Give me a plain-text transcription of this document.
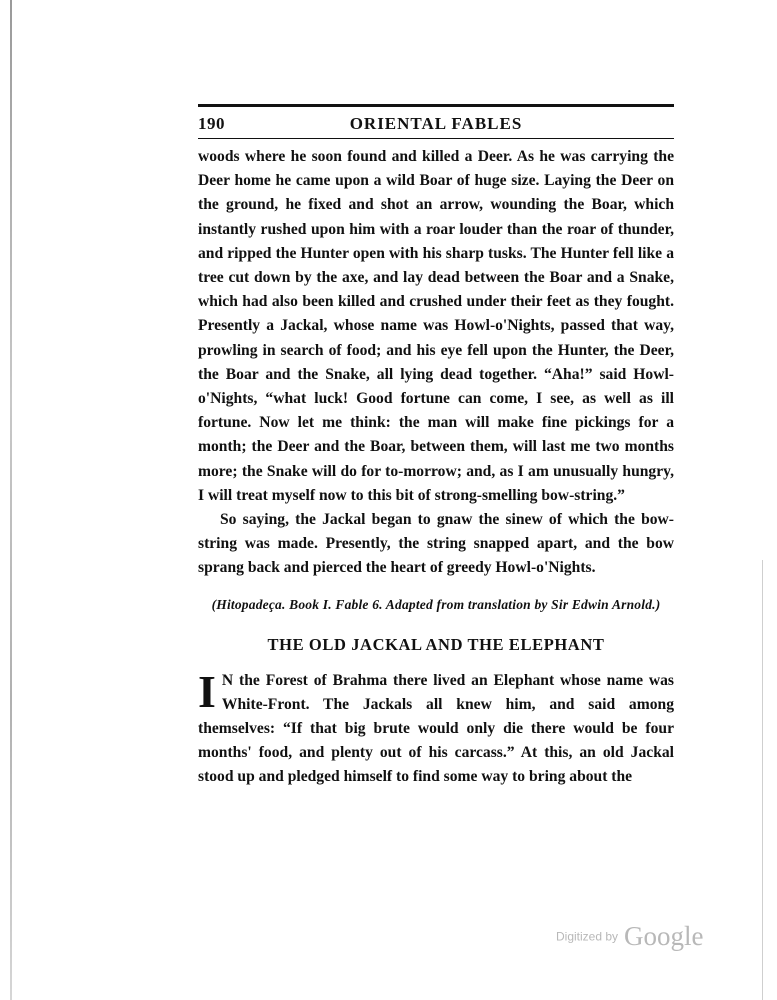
190	ORIENTAL FABLES

woods where he soon found and killed a Deer. As he was carrying the Deer home he came upon a wild Boar of huge size. Laying the Deer on the ground, he fixed and shot an arrow, wounding the Boar, which instantly rushed upon him with a roar louder than the roar of thunder, and ripped the Hunter open with his sharp tusks. The Hunter fell like a tree cut down by the axe, and lay dead between the Boar and a Snake, which had also been killed and crushed under their feet as they fought. Presently a Jackal, whose name was Howl-o'Nights, passed that way, prowling in search of food; and his eye fell upon the Hunter, the Deer, the Boar and the Snake, all lying dead together. “Aha!” said Howl-o'Nights, “what luck! Good fortune can come, I see, as well as ill fortune. Now let me think: the man will make fine pickings for a month; the Deer and the Boar, between them, will last me two months more; the Snake will do for to-morrow; and, as I am unusually hungry, I will treat myself now to this bit of strong-smelling bow-string.”

So saying, the Jackal began to gnaw the sinew of which the bow-string was made. Presently, the string snapped apart, and the bow sprang back and pierced the heart of greedy Howl-o'Nights.

(Hitopadeça. Book I. Fable 6. Adapted from translation by Sir Edwin Arnold.)

THE OLD JACKAL AND THE ELEPHANT

I N the Forest of Brahma there lived an Elephant whose name was White-Front. The Jackals all knew him, and said among themselves: “If that big brute would only die there would be four months' food, and plenty out of his carcass.” At this, an old Jackal stood up and pledged himself to find some way to bring about the

Digitized by Google
